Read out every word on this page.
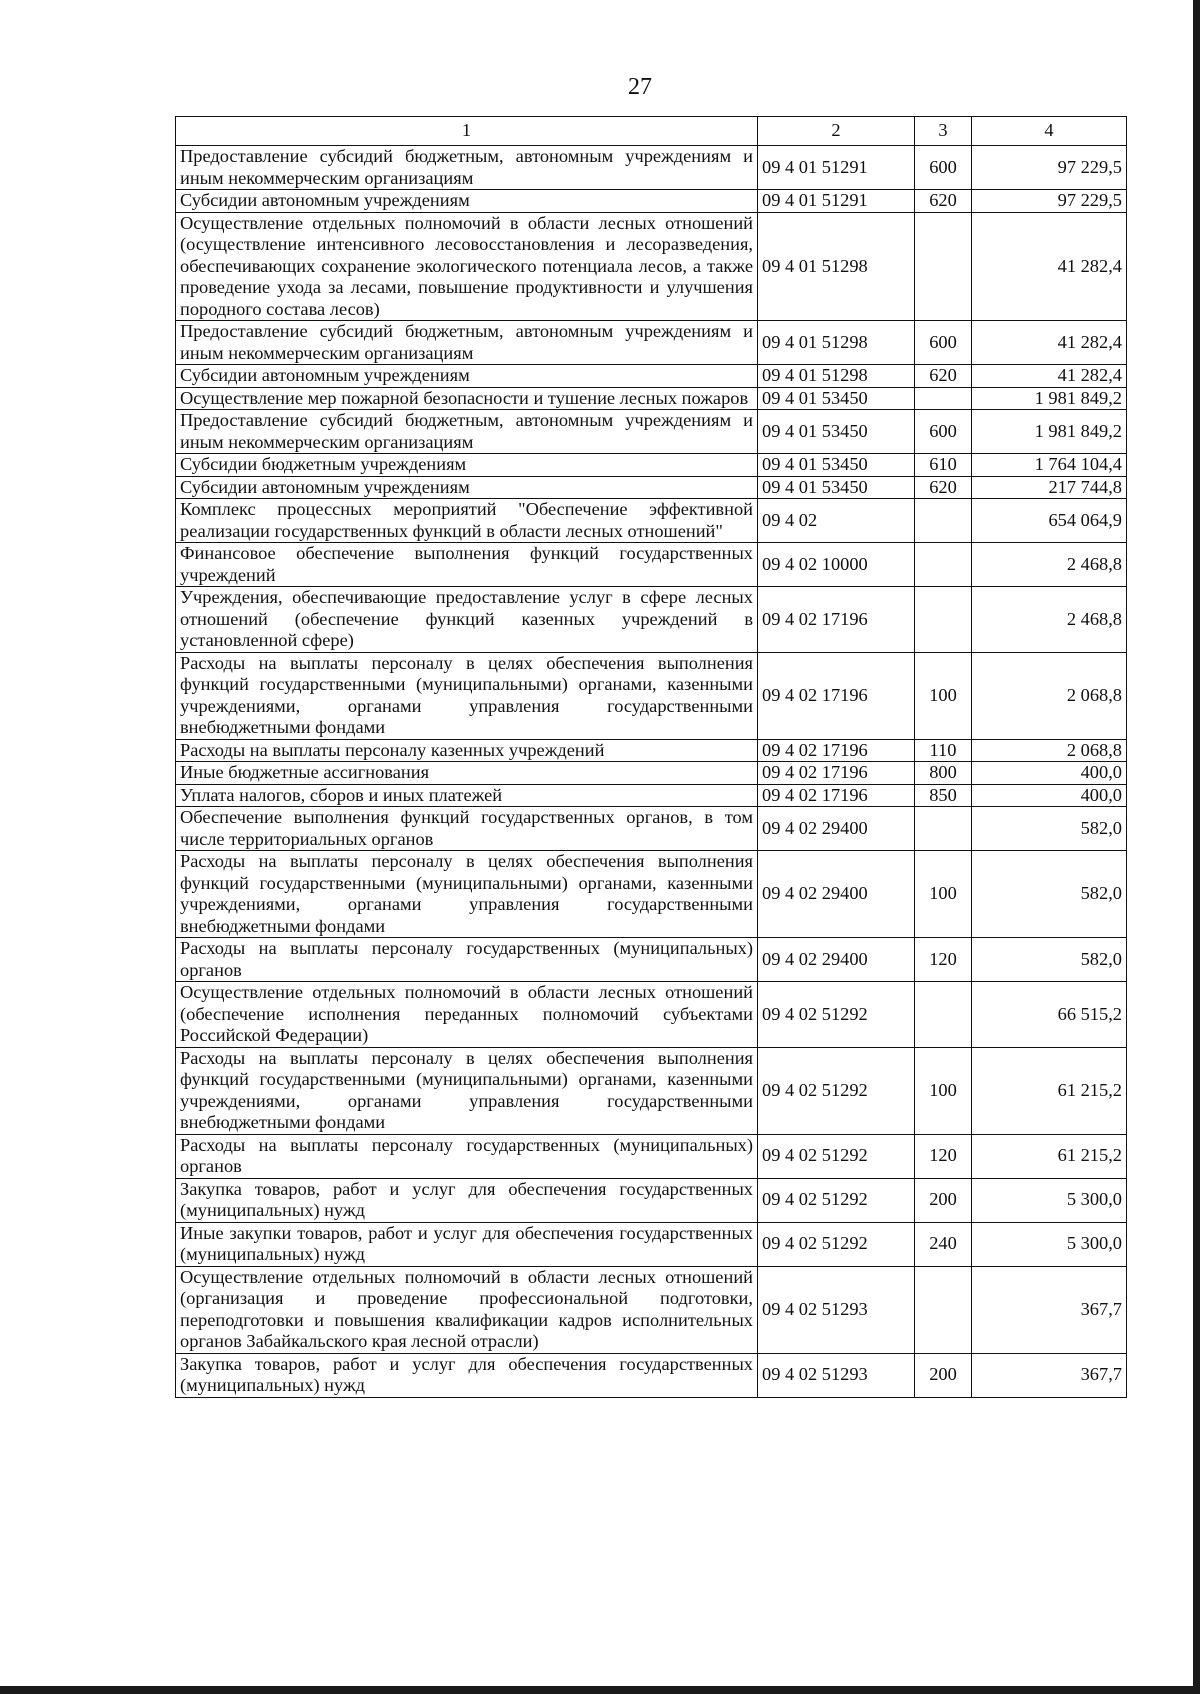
27
1	2	3	4
Предоставление субсидий бюджетным, автономным учреждениям и иным некоммерческим организациям	09 4 01 51291	600	97 229,5
Субсидии автономным учреждениям	09 4 01 51291	620	97 229,5
Осуществление отдельных полномочий в области лесных отношений (осуществление интенсивного лесовосстановления и лесоразведения, обеспечивающих сохранение экологического потенциала лесов, а также проведение ухода за лесами, повышение продуктивности и улучшения породного состава лесов)	09 4 01 51298		41 282,4
Предоставление субсидий бюджетным, автономным учреждениям и иным некоммерческим организациям	09 4 01 51298	600	41 282,4
Субсидии автономным учреждениям	09 4 01 51298	620	41 282,4
Осуществление мер пожарной безопасности и тушение лесных пожаров	09 4 01 53450		1 981 849,2
Предоставление субсидий бюджетным, автономным учреждениям и иным некоммерческим организациям	09 4 01 53450	600	1 981 849,2
Субсидии бюджетным учреждениям	09 4 01 53450	610	1 764 104,4
Субсидии автономным учреждениям	09 4 01 53450	620	217 744,8
Комплекс процессных мероприятий "Обеспечение эффективной реализации государственных функций в области лесных отношений"	09 4 02		654 064,9
Финансовое обеспечение выполнения функций государственных учреждений	09 4 02 10000		2 468,8
Учреждения, обеспечивающие предоставление услуг в сфере лесных отношений (обеспечение функций казенных учреждений в установленной сфере)	09 4 02 17196		2 468,8
Расходы на выплаты персоналу в целях обеспечения выполнения функций государственными (муниципальными) органами, казенными учреждениями, органами управления государственными внебюджетными фондами	09 4 02 17196	100	2 068,8
Расходы на выплаты персоналу казенных учреждений	09 4 02 17196	110	2 068,8
Иные бюджетные ассигнования	09 4 02 17196	800	400,0
Уплата налогов, сборов и иных платежей	09 4 02 17196	850	400,0
Обеспечение выполнения функций государственных органов, в том числе территориальных органов	09 4 02 29400		582,0
Расходы на выплаты персоналу в целях обеспечения выполнения функций государственными (муниципальными) органами, казенными учреждениями, органами управления государственными внебюджетными фондами	09 4 02 29400	100	582,0
Расходы на выплаты персоналу государственных (муниципальных) органов	09 4 02 29400	120	582,0
Осуществление отдельных полномочий в области лесных отношений (обеспечение исполнения переданных полномочий субъектами Российской Федерации)	09 4 02 51292		66 515,2
Расходы на выплаты персоналу в целях обеспечения выполнения функций государственными (муниципальными) органами, казенными учреждениями, органами управления государственными внебюджетными фондами	09 4 02 51292	100	61 215,2
Расходы на выплаты персоналу государственных (муниципальных) органов	09 4 02 51292	120	61 215,2
Закупка товаров, работ и услуг для обеспечения государственных (муниципальных) нужд	09 4 02 51292	200	5 300,0
Иные закупки товаров, работ и услуг для обеспечения государственных (муниципальных) нужд	09 4 02 51292	240	5 300,0
Осуществление отдельных полномочий в области лесных отношений (организация и проведение профессиональной подготовки, переподготовки и повышения квалификации кадров исполнительных органов Забайкальского края лесной отрасли)	09 4 02 51293		367,7
Закупка товаров, работ и услуг для обеспечения государственных (муниципальных) нужд	09 4 02 51293	200	367,7
